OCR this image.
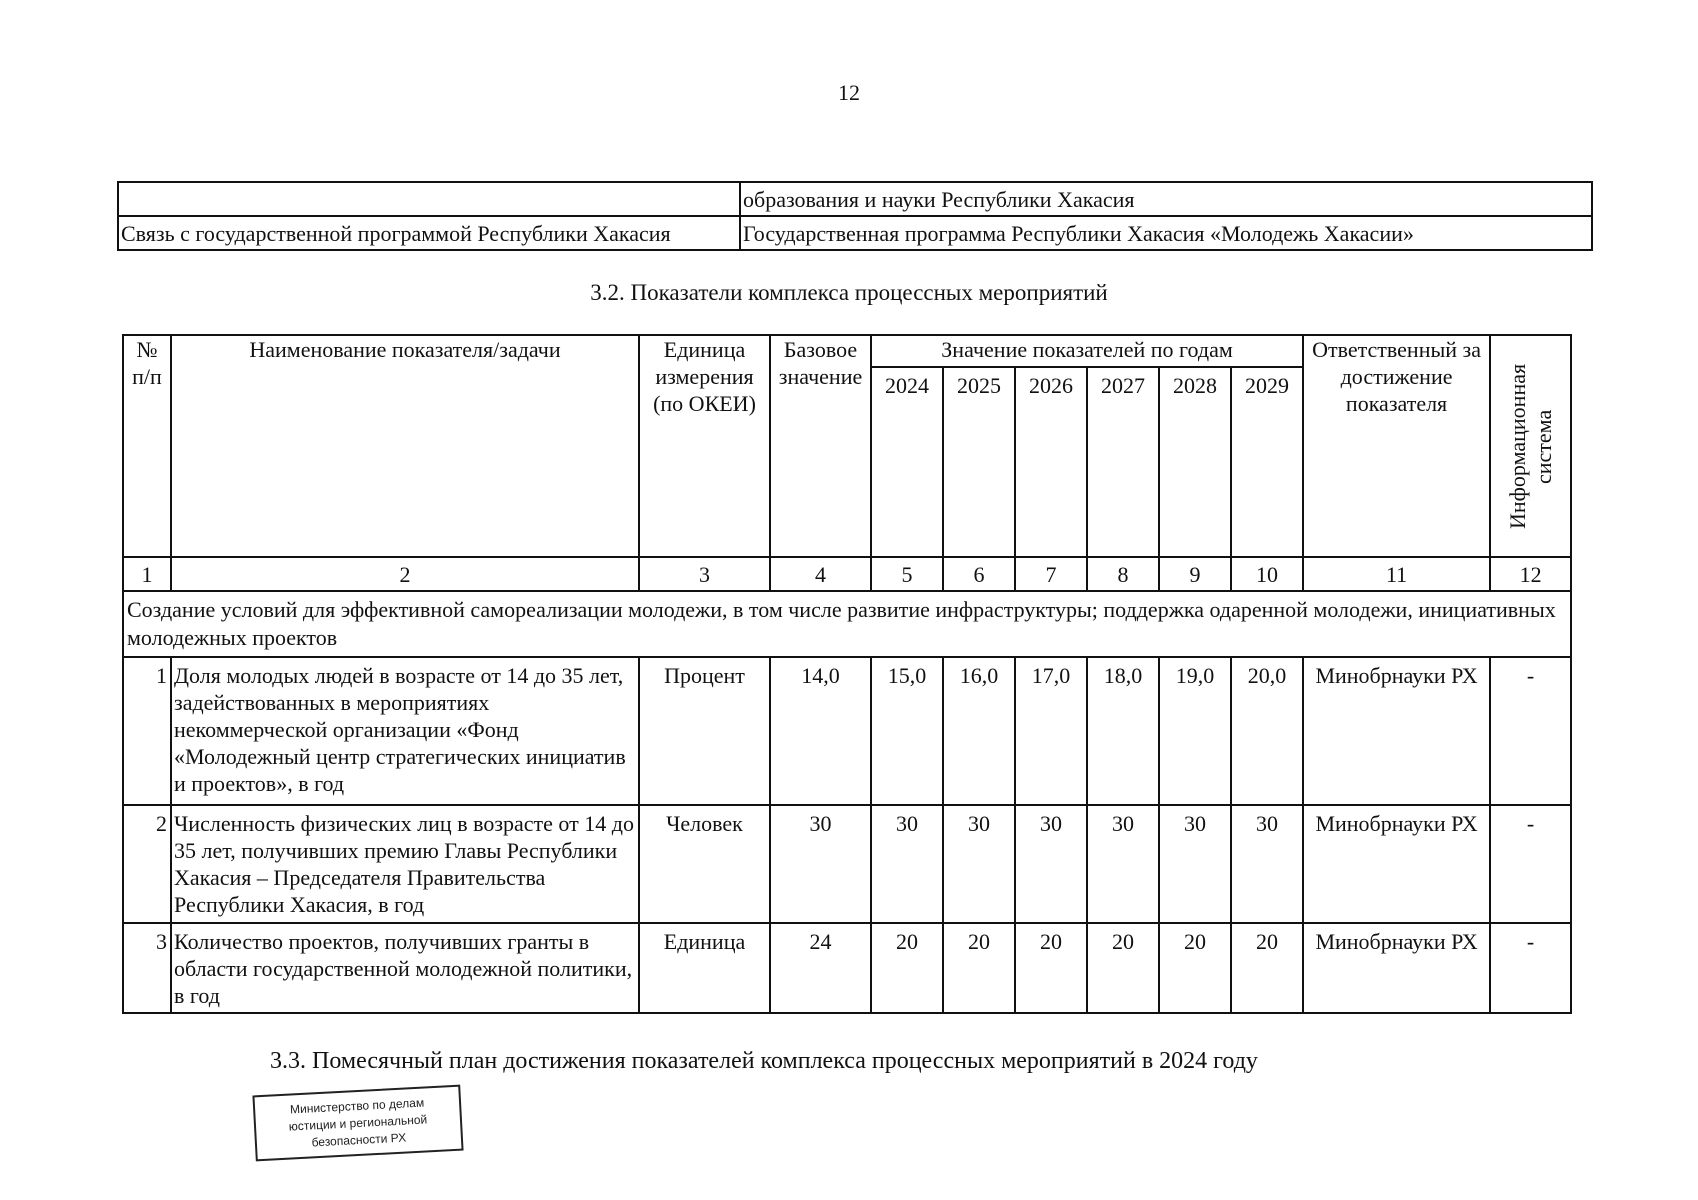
12
	образования и науки Республики Хакасия
Связь с государственной программой Республики Хакасия	Государственная программа Республики Хакасия «Молодежь Хакасии»
3.2. Показатели комплекса процессных мероприятий
№ п/п	Наименование показателя/задачи	Единица измерения (по ОКЕИ)	Базовое значение	Значение показателей по годам						Ответственный за достижение показателя	Информационная система

				2024	2025	2026	2027	2028	2029		
1	2	3	4	5	6	7	8	9	10	11	12
Создание условий для эффективной самореализации молодежи, в том числе развитие инфраструктуры; поддержка одаренной молодежи, инициативных молодежных проектов											
1	Доля молодых людей в возрасте от 14 до 35 лет, задействованных в мероприятиях некоммерческой организации «Фонд «Молодежный центр стратегических инициатив и проектов», в год	Процент	14,0	15,0	16,0	17,0	18,0	19,0	20,0	Минобрнауки РХ	-
2	Численность физических лиц в возрасте от 14 до 35 лет, получивших премию Главы Республики Хакасия – Председателя Правительства Республики Хакасия, в год	Человек	30	30	30	30	30	30	30	Минобрнауки РХ	-
3	Количество проектов, получивших гранты в области государственной молодежной политики, в год	Единица	24	20	20	20	20	20	20	Минобрнауки РХ	-
3.3. Помесячный план достижения показателей комплекса процессных мероприятий в 2024 году
Министерство по делам
юстиции и региональной
безопасности РХ
